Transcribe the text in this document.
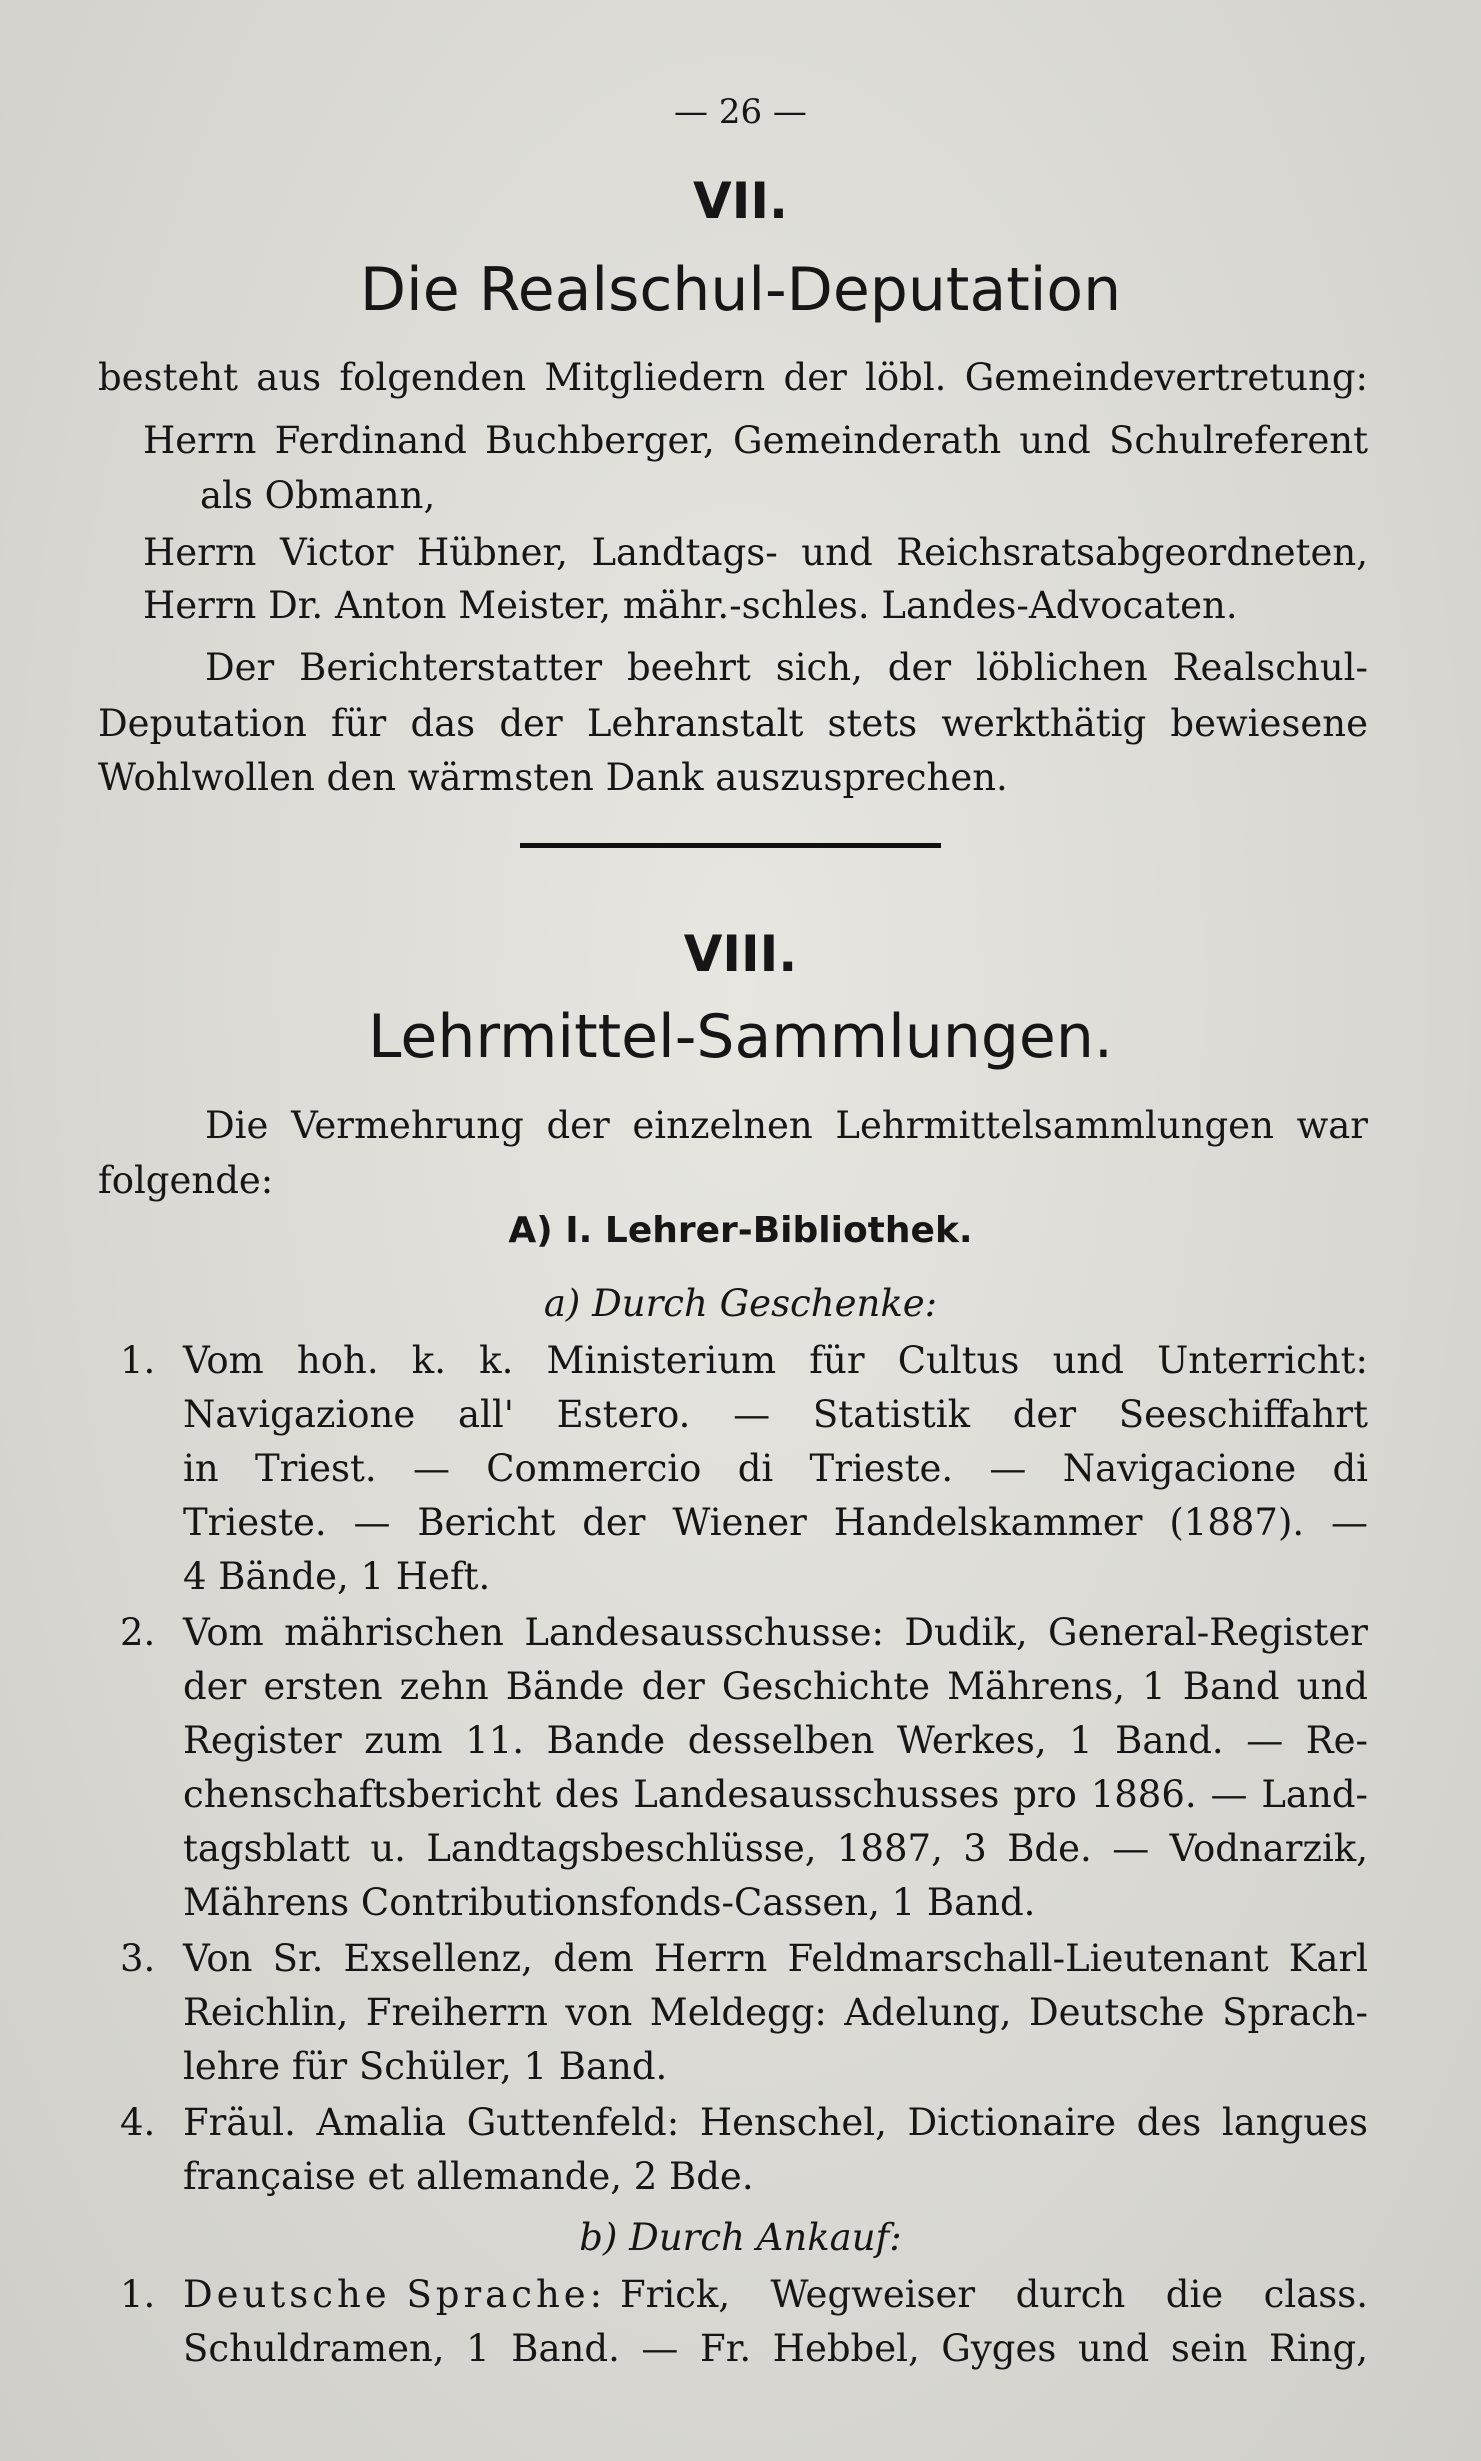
— 26 —
VII.
Die Realschul-Deputation
besteht aus folgenden Mitgliedern der löbl. Gemeindevertretung:
Herrn Ferdinand Buchberger, Gemeinderath und Schulreferent
als Obmann,
Herrn Victor Hübner, Landtags- und Reichsratsabgeordneten,
Herrn Dr. Anton Meister, mähr.-schles. Landes-Advocaten.
Der Berichterstatter beehrt sich, der löblichen Realschul-
Deputation für das der Lehranstalt stets werkthätig bewiesene
Wohlwollen den wärmsten Dank auszusprechen.
VIII.
Lehrmittel-Sammlungen.
Die Vermehrung der einzelnen Lehrmittelsammlungen war
folgende:
A) I. Lehrer-Bibliothek.
a) Durch Geschenke:
1. Vom hoh. k. k. Ministerium für Cultus und Unterricht:
Navigazione all' Estero. — Statistik der Seeschiffahrt
in Triest. — Commercio di Trieste. — Navigacione di
Trieste. — Bericht der Wiener Handelskammer (1887). —
4 Bände, 1 Heft.
2. Vom mährischen Landesausschusse: Dudik, General-Register
der ersten zehn Bände der Geschichte Mährens, 1 Band und
Register zum 11. Bande desselben Werkes, 1 Band. — Re-
chenschaftsbericht des Landesausschusses pro 1886. — Land-
tagsblatt u. Landtagsbeschlüsse, 1887, 3 Bde. — Vodnarzik,
Mährens Contributionsfonds-Cassen, 1 Band.
3. Von Sr. Exsellenz, dem Herrn Feldmarschall-Lieutenant Karl
Reichlin, Freiherrn von Meldegg: Adelung, Deutsche Sprach-
lehre für Schüler, 1 Band.
4. Fräul. Amalia Guttenfeld: Henschel, Dictionaire des langues
française et allemande, 2 Bde.
b) Durch Ankauf:
1. Deutsche Sprache: Frick, Wegweiser durch die class.
Schuldramen, 1 Band. — Fr. Hebbel, Gyges und sein Ring,
